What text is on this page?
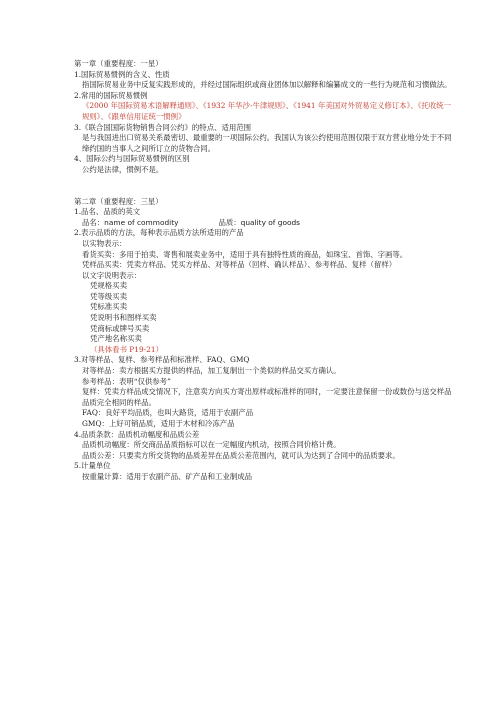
第一章（重要程度：一星）
1.国际贸易惯例的含义、性质
指国际贸易业务中反复实践形成的，并经过国际组织或商业团体加以解释和编纂成文的一些行为规范和习惯做法。
2.常用的国际贸易惯例
《2000 年国际贸易术语解释通则》、《1932 年华沙-牛津规则》、《1941 年美国对外贸易定义修订本》、《托收统一规则》、《跟单信用证统一惯例》
3.《联合国国际货物销售合同公约》的特点、适用范围
是与我国进出口贸易关系最密切、最重要的一项国际公约。我国认为该公约使用范围仅限于双方营业地分处于不同缔约国的当事人之间所订立的货物合同。
4、国际公约与国际贸易惯例的区别
公约是法律，惯例不是。
第二章（重要程度：三星）
1.品名、品质的英文
品名：name of commodity	品质：quality of goods
2.表示品质的方法，每种表示品质方法所适用的产品
以实物表示：
看货买卖：多用于拍卖、寄售和展卖业务中，适用于具有独特性质的商品，如珠宝、首饰、字画等。
凭样品买卖：凭卖方样品、凭买方样品、对等样品（回样、确认样品）、参考样品、复样（留样）
以文字说明表示：
凭规格买卖
凭等级买卖
凭标准买卖
凭说明书和图样买卖
凭商标或牌号买卖
凭产地名称买卖
（具体看书 P19-21）
3.对等样品、复样、参考样品和标准样、FAQ、GMQ
对等样品：卖方根据买方提供的样品，加工复制出一个类似的样品交买方确认。
参考样品：表明“仅供参考”
复样：凭卖方样品成交情况下，注意卖方向买方寄出原样或标准样的同时，一定要注意保留一份或数份与送交样品品质完全相同的样品。
FAQ：良好平均品质，也叫大路货，适用于农副产品
GMQ：上好可销品质，适用于木材和冷冻产品
4.品质条款：品质机动幅度和品质公差
品质机动幅度：所交商品品质指标可以在一定幅度内机动，按照合同价格计费。
品质公差：只要卖方所交货物的品质差异在品质公差范围内，就可认为达到了合同中的品质要求。
5.计量单位
按重量计算：适用于农副产品、矿产品和工业制成品
